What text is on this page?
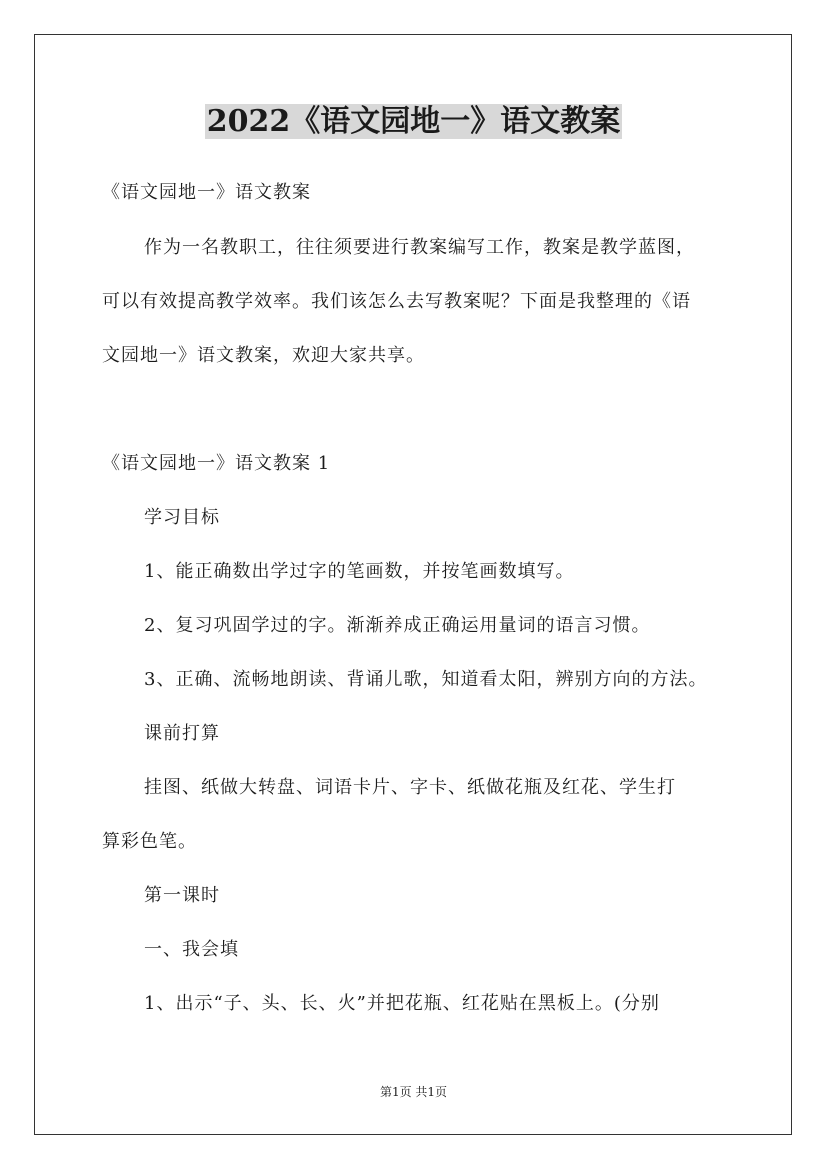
2022《语文园地一》语文教案
《语文园地一》语文教案
作为一名教职工，往往须要进行教案编写工作，教案是教学蓝图，
可以有效提高教学效率。我们该怎么去写教案呢？下面是我整理的《语
文园地一》语文教案，欢迎大家共享。
《语文园地一》语文教案 1
学习目标
1、能正确数出学过字的笔画数，并按笔画数填写。
2、复习巩固学过的字。渐渐养成正确运用量词的语言习惯。
3、正确、流畅地朗读、背诵儿歌，知道看太阳，辨别方向的方法。
课前打算
挂图、纸做大转盘、词语卡片、字卡、纸做花瓶及红花、学生打
算彩色笔。
第一课时
一、我会填
1、出示“子、头、长、火”并把花瓶、红花贴在黑板上。(分别
第1页 共1页
